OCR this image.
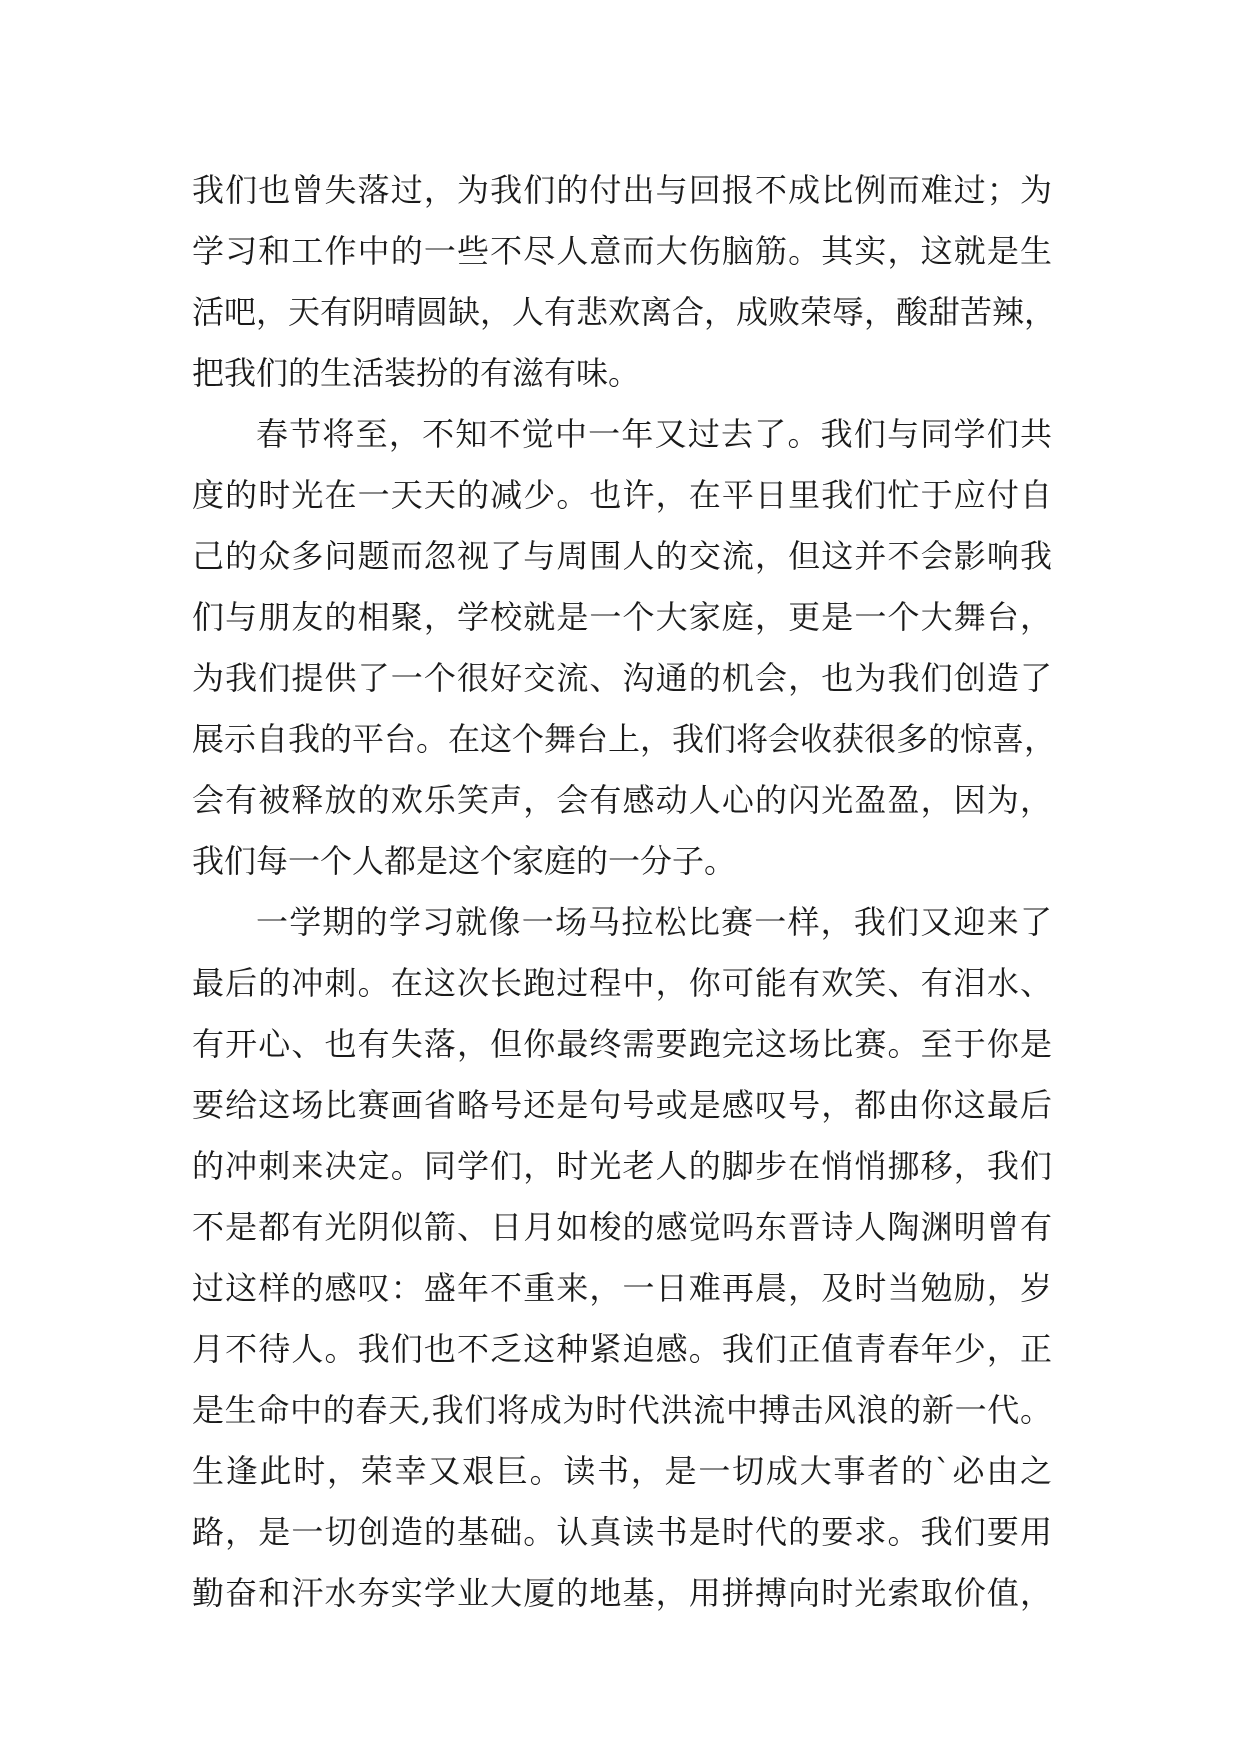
我们也曾失落过，为我们的付出与回报不成比例而难过；为
学习和工作中的一些不尽人意而大伤脑筋。其实，这就是生
活吧，天有阴晴圆缺，人有悲欢离合，成败荣辱，酸甜苦辣，
把我们的生活装扮的有滋有味。
春节将至，不知不觉中一年又过去了。我们与同学们共
度的时光在一天天的减少。也许，在平日里我们忙于应付自
己的众多问题而忽视了与周围人的交流，但这并不会影响我
们与朋友的相聚，学校就是一个大家庭，更是一个大舞台，
为我们提供了一个很好交流、沟通的机会，也为我们创造了
展示自我的平台。在这个舞台上，我们将会收获很多的惊喜，
会有被释放的欢乐笑声，会有感动人心的闪光盈盈，因为，
我们每一个人都是这个家庭的一分子。
一学期的学习就像一场马拉松比赛一样，我们又迎来了
最后的冲刺。在这次长跑过程中，你可能有欢笑、有泪水、
有开心、也有失落，但你最终需要跑完这场比赛。至于你是
要给这场比赛画省略号还是句号或是感叹号，都由你这最后
的冲刺来决定。同学们，时光老人的脚步在悄悄挪移，我们
不是都有光阴似箭、日月如梭的感觉吗东晋诗人陶渊明曾有
过这样的感叹：盛年不重来，一日难再晨，及时当勉励，岁
月不待人。我们也不乏这种紧迫感。我们正值青春年少，正
是生命中的春天,我们将成为时代洪流中搏击风浪的新一代。
生逢此时，荣幸又艰巨。读书，是一切成大事者的`必由之
路，是一切创造的基础。认真读书是时代的要求。我们要用
勤奋和汗水夯实学业大厦的地基，用拼搏向时光索取价值，
